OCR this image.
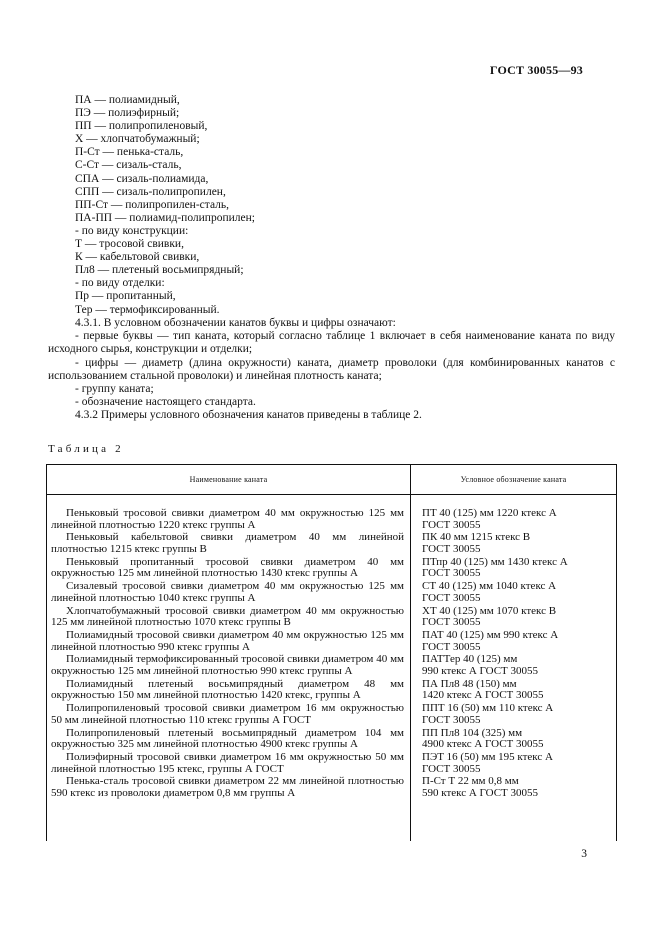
ГОСТ 30055—93
ПА — полиамидный,
ПЭ — полиэфирный;
ПП — полипропиленовый,
Х — хлопчатобумажный;
П-Ст — пенька-сталь,
С-Ст — сизаль-сталь,
СПА — сизаль-полиамида,
СПП — сизаль-полипропилен,
ПП-Ст — полипропилен-сталь,
ПА-ПП — полиамид-полипропилен;
- по виду конструкции:
Т — тросовой свивки,
К — кабельтовой свивки,
Пл8 — плетеный восьмипрядный;
- по виду отделки:
Пр — пропитанный,
Тер — термофиксированный.
4.3.1. В условном обозначении канатов буквы и цифры означают:
- первые буквы — тип каната, который согласно таблице 1 включает в себя наименование каната по виду исходного сырья, конструкции и отделки;
- цифры — диаметр (длина окружности) каната, диаметр проволоки (для комбинированных канатов с использованием стальной проволоки) и линейная плотность каната;
- группу каната;
- обозначение настоящего стандарта.
4.3.2 Примеры условного обозначения канатов приведены в таблице 2.
Таблица 2
Наименование каната	Условное обозначение каната
Пеньковый тросовой свивки диаметром 40 мм окружностью 125 мм линейной плотностью 1220 ктекс группы А
Пеньковый кабельтовой свивки диаметром 40 мм линейной плотностью 1215 ктекс группы В
Пеньковый пропитанный тросовой свивки диаметром 40 мм окружностью 125 мм линейной плотностью 1430 ктекс группы А
Сизалевый тросовой свивки диаметром 40 мм окружностью 125 мм линейной плотностью 1040 ктекс группы А
Хлопчатобумажный тросовой свивки диаметром 40 мм окружностью 125 мм линейной плотностью 1070 ктекс группы В
Полиамидный тросовой свивки диаметром 40 мм окружностью 125 мм линейной плотностью 990 ктекс группы А
Полиамидный термофиксированный тросовой свивки диаметром 40 мм окружностью 125 мм линейной плотностью 990 ктекс группы А
Полиамидный плетеный восьмипрядный диаметром 48 мм окружностью 150 мм линейной плотностью 1420 ктекс, группы А
Полипропиленовый тросовой свивки диаметром 16 мм окружностью 50 мм линейной плотностью 110 ктекс группы А ГОСТ
Полипропиленовый плетеный восьмипрядный диаметром 104 мм окружностью 325 мм линейной плотностью 4900 ктекс группы А
Полиэфирный тросовой свивки диаметром 16 мм окружностью 50 мм линейной плотностью 195 ктекс, группы А ГОСТ
Пенька-сталь тросовой свивки диаметром 22 мм линейной плотностью 590 ктекс из проволоки диаметром 0,8 мм группы А
ПТ 40 (125) мм 1220 ктекс А
ГОСТ 30055
ПК 40 мм 1215 ктекс В
ГОСТ 30055
ПТпр 40 (125) мм 1430 ктекс А
ГОСТ 30055
СТ 40 (125) мм 1040 ктекс А
ГОСТ 30055
ХТ 40 (125) мм 1070 ктекс В
ГОСТ 30055
ПАТ 40 (125) мм 990 ктекс А
ГОСТ 30055
ПАТТер 40 (125) мм
990 ктекс А ГОСТ 30055
ПА Пл8 48 (150) мм
1420 ктекс А ГОСТ 30055
ППТ 16 (50) мм 110 ктекс А
ГОСТ 30055
ПП Пл8 104 (325) мм
4900 ктекс А ГОСТ 30055
ПЭТ 16 (50) мм 195 ктекс А
ГОСТ 30055
П-Ст Т 22 мм 0,8 мм
590 ктекс А ГОСТ 30055
3
